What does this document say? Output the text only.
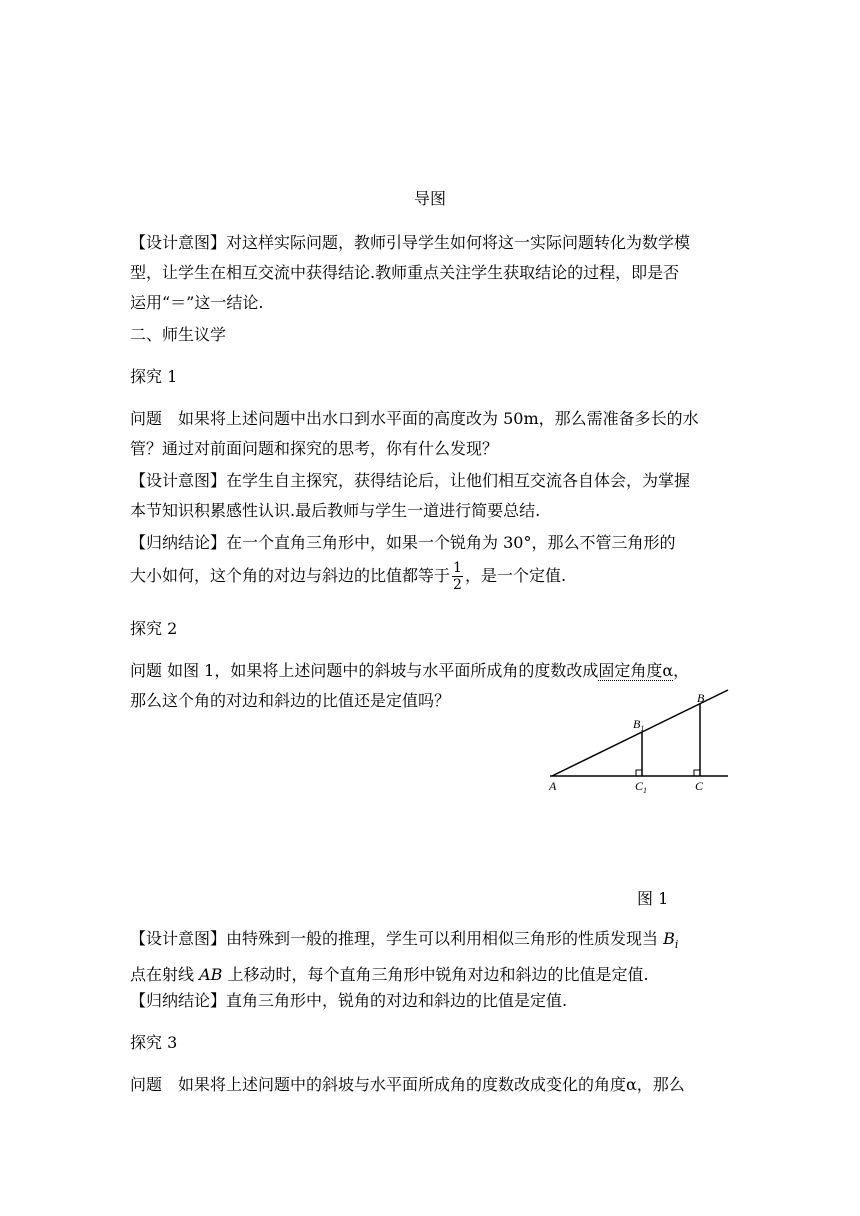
导图

【设计意图】对这样实际问题，教师引导学生如何将这一实际问题转化为数学模
型，让学生在相互交流中获得结论.教师重点关注学生获取结论的过程，即是否
运用“＝”这一结论.

二、师生议学

探究 1

问题　如果将上述问题中出水口到水平面的高度改为 50m，那么需准备多长的水
管？通过对前面问题和探究的思考，你有什么发现？

【设计意图】在学生自主探究，获得结论后，让他们相互交流各自体会，为掌握
本节知识积累感性认识.最后教师与学生一道进行简要总结.

【归纳结论】在一个直角三角形中，如果一个锐角为 30°，那么不管三角形的
大小如何，这个角的对边与斜边的比值都等于 $\frac{1}{2}$ ，是一个定值.

探究 2

问题 如图 1，如果将上述问题中的斜坡与水平面所成角的度数改成固定角度α，
那么这个角的对边和斜边的比值还是定值吗？

A
B
$B_1$
$C_1$	C
图 1

【设计意图】由特殊到一般的推理，学生可以利用相似三角形的性质发现当 $B_i$
点在射线 AB 上移动时，每个直角三角形中锐角对边和斜边的比值是定值.

【归纳结论】直角三角形中，锐角的对边和斜边的比值是定值.

探究 3

问题　如果将上述问题中的斜坡与水平面所成角的度数改成变化的角度α，那么
